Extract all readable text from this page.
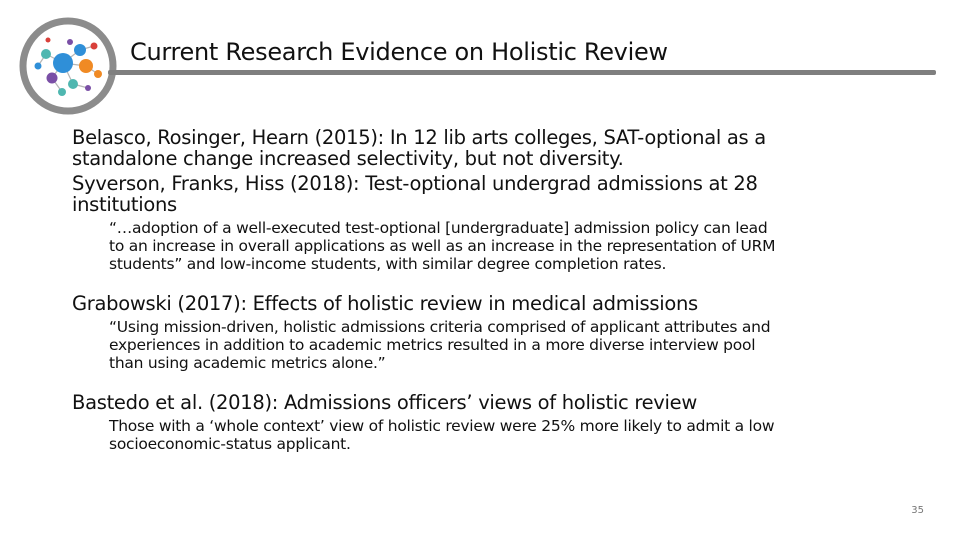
Current Research Evidence on Holistic Review
Belasco, Rosinger, Hearn (2015): In 12 lib arts colleges, SAT-optional as a
standalone change increased selectivity, but not diversity.
Syverson, Franks, Hiss (2018): Test-optional undergrad admissions at 28
institutions
“…adoption of a well-executed test-optional [undergraduate] admission policy can lead
to an increase in overall applications as well as an increase in the representation of URM
students” and low-income students, with similar degree completion rates.
Grabowski (2017): Effects of holistic review in medical admissions
“Using mission-driven, holistic admissions criteria comprised of applicant attributes and
experiences in addition to academic metrics resulted in a more diverse interview pool
than using academic metrics alone.”
Bastedo et al. (2018): Admissions officers’ views of holistic review
Those with a ‘whole context’ view of holistic review were 25% more likely to admit a low
socioeconomic-status applicant.
35
